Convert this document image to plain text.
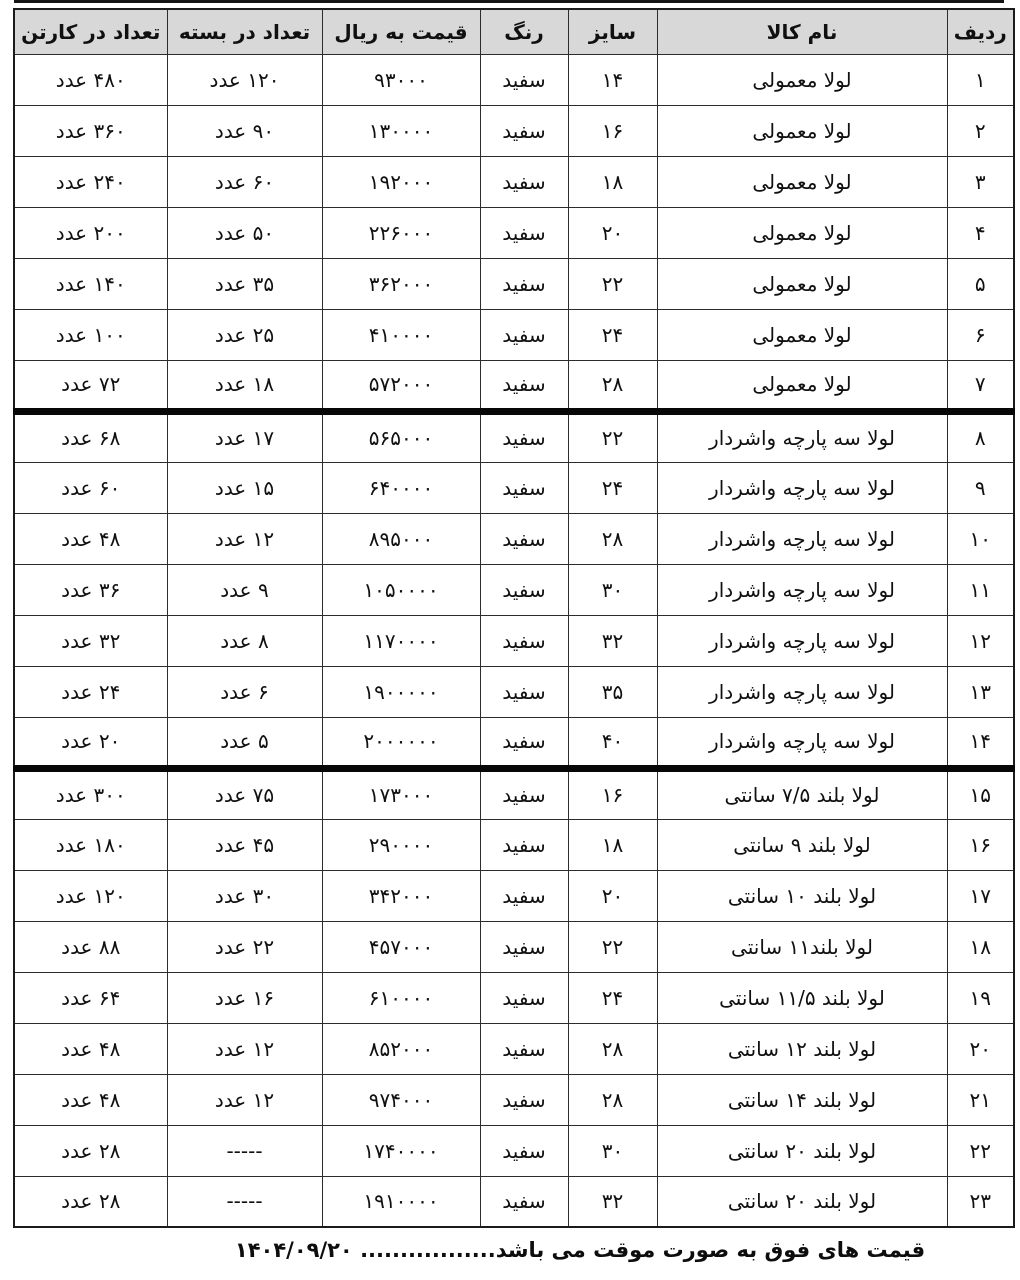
ردیف	نام کالا	سایز	رنگ	قیمت به ریال	تعداد در بسته	تعداد در کارتن
۱	لولا معمولی	۱۴	سفید	۹۳۰۰۰	۱۲۰ عدد	۴۸۰ عدد
۲	لولا معمولی	۱۶	سفید	۱۳۰۰۰۰	۹۰ عدد	۳۶۰ عدد
۳	لولا معمولی	۱۸	سفید	۱۹۲۰۰۰	۶۰ عدد	۲۴۰ عدد
۴	لولا معمولی	۲۰	سفید	۲۲۶۰۰۰	۵۰ عدد	۲۰۰ عدد
۵	لولا معمولی	۲۲	سفید	۳۶۲۰۰۰	۳۵ عدد	۱۴۰ عدد
۶	لولا معمولی	۲۴	سفید	۴۱۰۰۰۰	۲۵ عدد	۱۰۰ عدد
۷	لولا معمولی	۲۸	سفید	۵۷۲۰۰۰	۱۸ عدد	۷۲ عدد
۸	لولا سه پارچه واشردار	۲۲	سفید	۵۶۵۰۰۰	۱۷ عدد	۶۸ عدد
۹	لولا سه پارچه واشردار	۲۴	سفید	۶۴۰۰۰۰	۱۵ عدد	۶۰ عدد
۱۰	لولا سه پارچه واشردار	۲۸	سفید	۸۹۵۰۰۰	۱۲ عدد	۴۸ عدد
۱۱	لولا سه پارچه واشردار	۳۰	سفید	۱۰۵۰۰۰۰	۹ عدد	۳۶ عدد
۱۲	لولا سه پارچه واشردار	۳۲	سفید	۱۱۷۰۰۰۰	۸ عدد	۳۲ عدد
۱۳	لولا سه پارچه واشردار	۳۵	سفید	۱۹۰۰۰۰۰	۶ عدد	۲۴ عدد
۱۴	لولا سه پارچه واشردار	۴۰	سفید	۲۰۰۰۰۰۰	۵ عدد	۲۰ عدد
۱۵	لولا بلند ۷/۵ سانتی	۱۶	سفید	۱۷۳۰۰۰	۷۵ عدد	۳۰۰ عدد
۱۶	لولا بلند ۹ سانتی	۱۸	سفید	۲۹۰۰۰۰	۴۵ عدد	۱۸۰ عدد
۱۷	لولا بلند ۱۰ سانتی	۲۰	سفید	۳۴۲۰۰۰	۳۰ عدد	۱۲۰ عدد
۱۸	لولا بلند۱۱ سانتی	۲۲	سفید	۴۵۷۰۰۰	۲۲ عدد	۸۸ عدد
۱۹	لولا بلند ۱۱/۵ سانتی	۲۴	سفید	۶۱۰۰۰۰	۱۶ عدد	۶۴ عدد
۲۰	لولا بلند ۱۲ سانتی	۲۸	سفید	۸۵۲۰۰۰	۱۲ عدد	۴۸ عدد
۲۱	لولا بلند ۱۴ سانتی	۲۸	سفید	۹۷۴۰۰۰	۱۲ عدد	۴۸ عدد
۲۲	لولا بلند ۲۰ سانتی	۳۰	سفید	۱۷۴۰۰۰۰	-----	۲۸ عدد
۲۳	لولا بلند ۲۰ سانتی	۳۲	سفید	۱۹۱۰۰۰۰	-----	۲۸ عدد
قیمت های فوق به صورت موقت می باشد................. ۱۴۰۴/۰۹/۲۰
